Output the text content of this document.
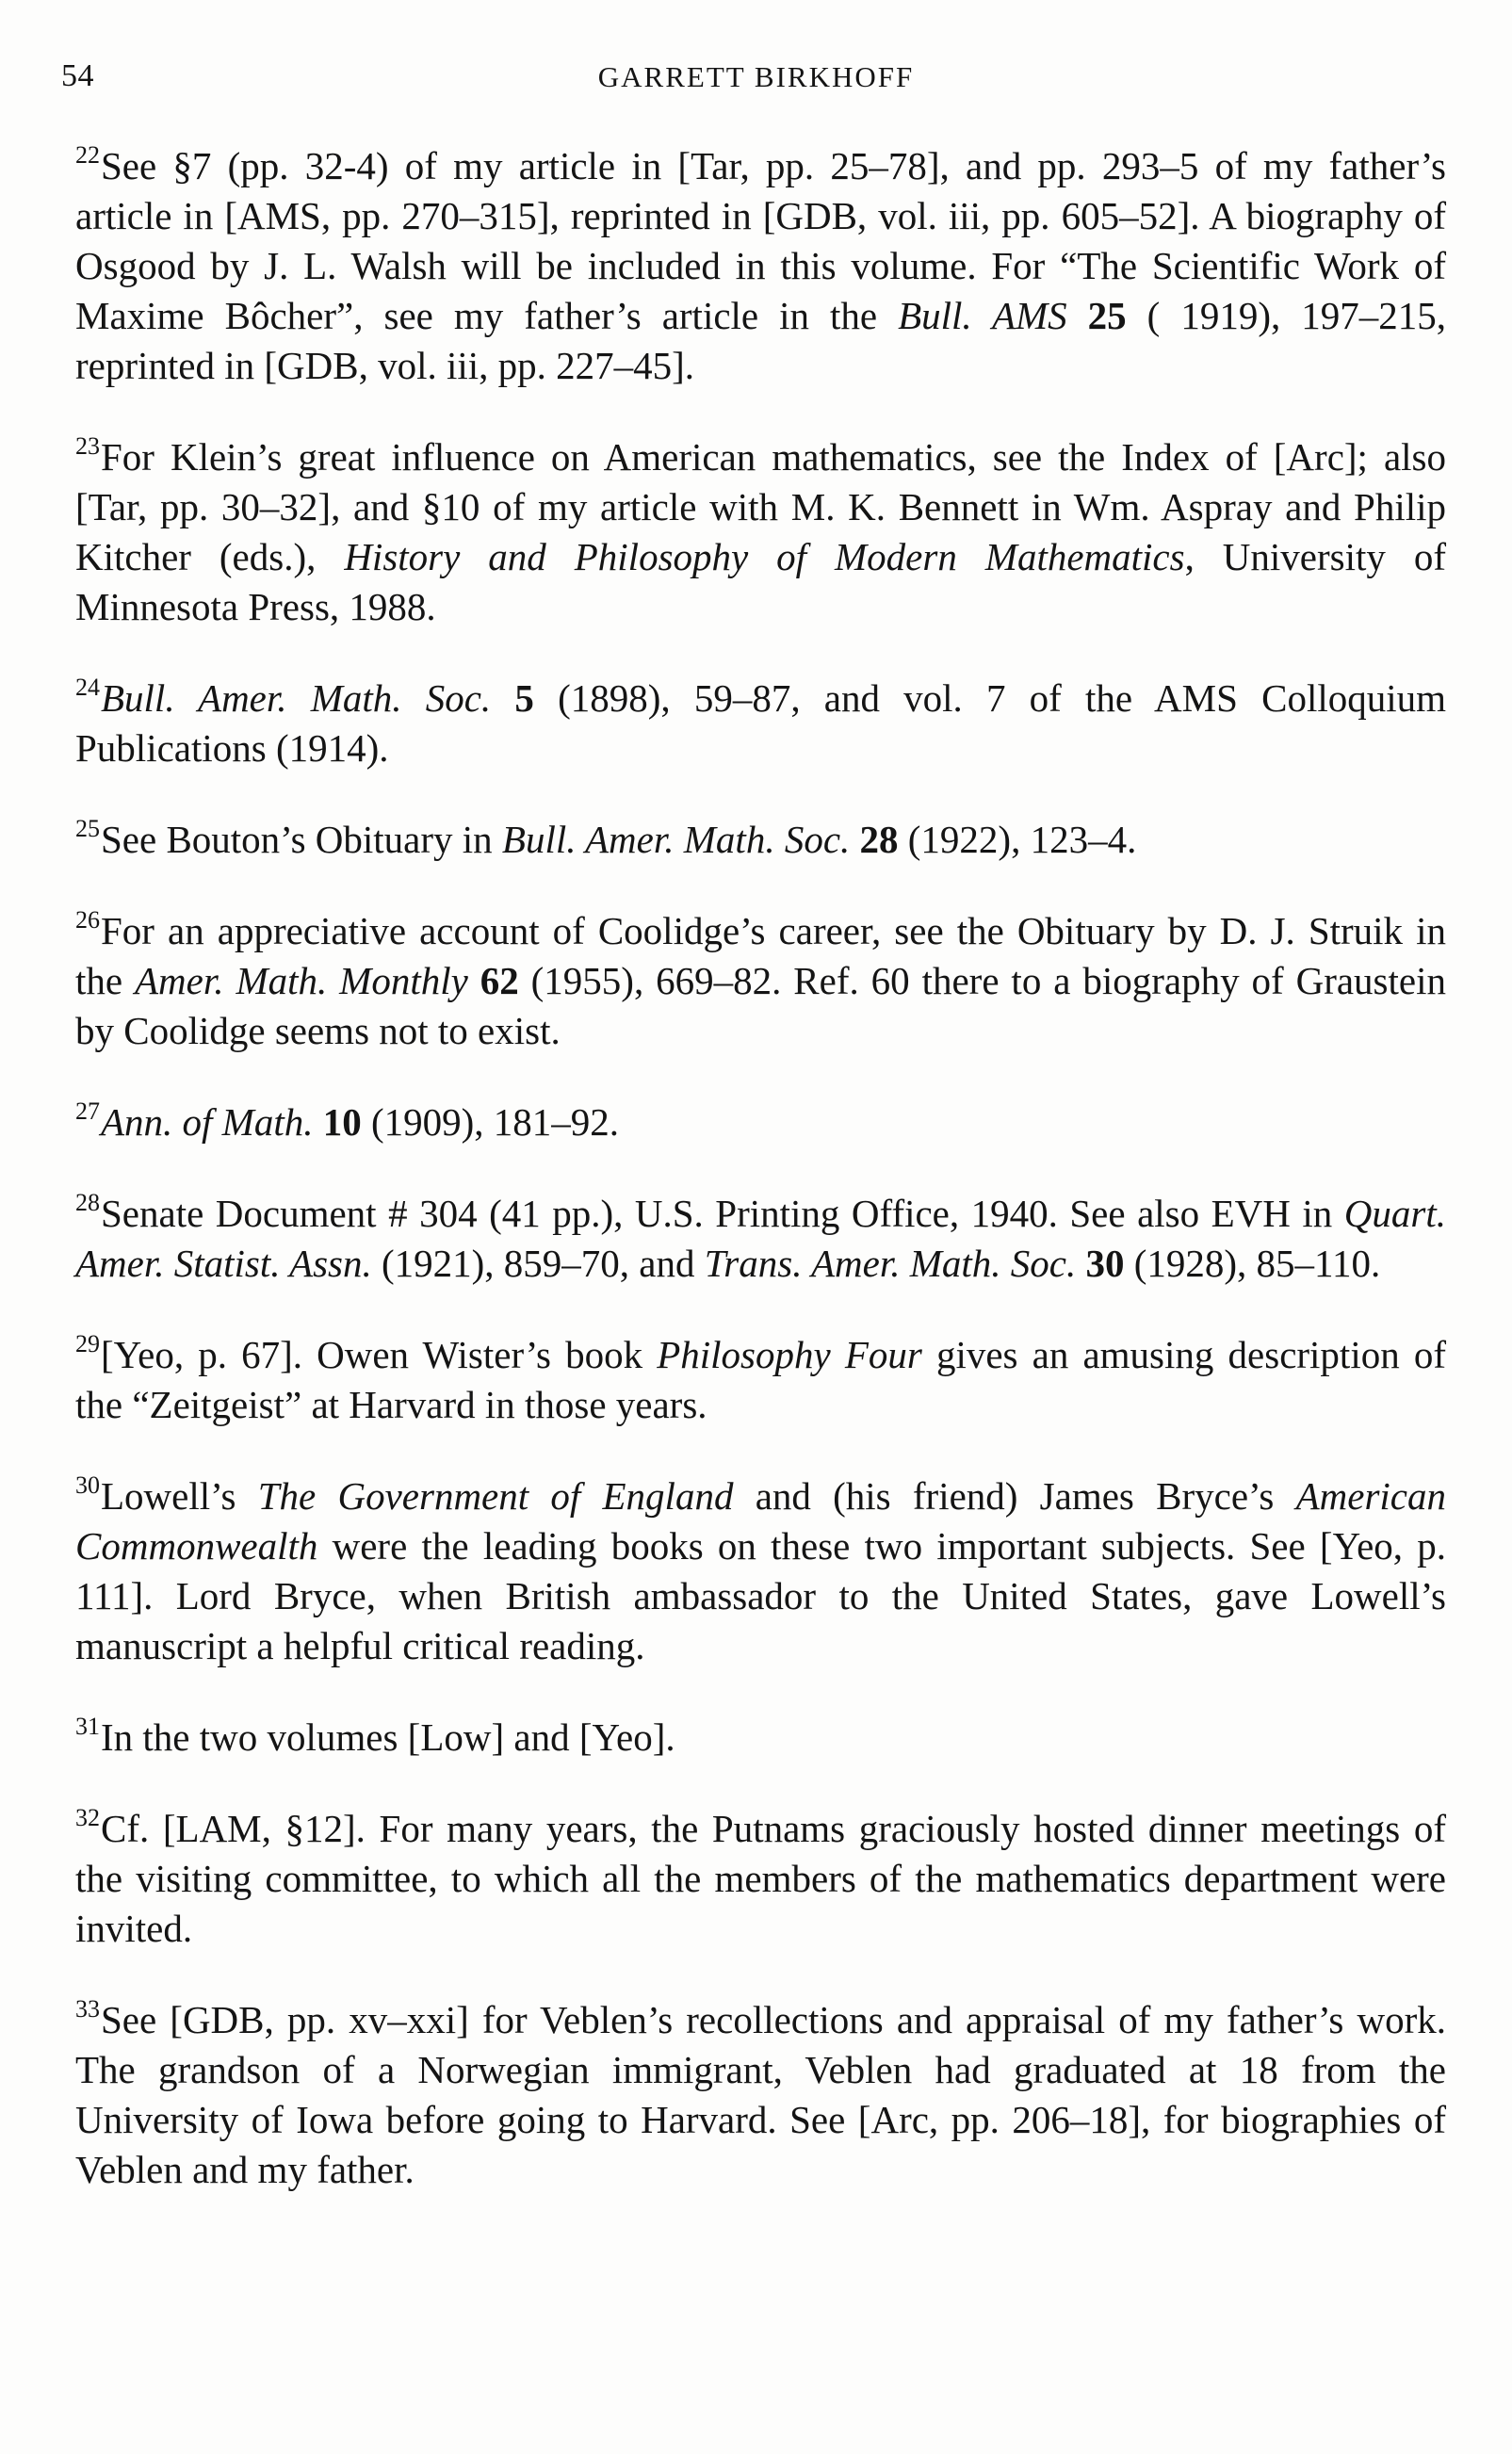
54	GARRETT BIRKHOFF

$^{22}$See §7 (pp. 32-4) of my article in [Tar, pp. 25–78], and pp. 293–5 of my father’s article in [AMS, pp. 270–315], reprinted in [GDB, vol. iii, pp. 605–52]. A biography of Osgood by J. L. Walsh will be included in this volume. For “The Scientific Work of Maxime Bôcher”, see my father’s article in the Bull. AMS 25 ( 1919), 197–215, reprinted in [GDB, vol. iii, pp. 227–45].

$^{23}$For Klein’s great influence on American mathematics, see the Index of [Arc]; also [Tar, pp. 30–32], and §10 of my article with M. K. Bennett in Wm. Aspray and Philip Kitcher (eds.), History and Philosophy of Modern Mathematics, University of Minnesota Press, 1988.

$^{24}$Bull. Amer. Math. Soc. 5 (1898), 59–87, and vol. 7 of the AMS Colloquium Publications (1914).

$^{25}$See Bouton’s Obituary in Bull. Amer. Math. Soc. 28 (1922), 123–4.

$^{26}$For an appreciative account of Coolidge’s career, see the Obituary by D. J. Struik in the Amer. Math. Monthly 62 (1955), 669–82. Ref. 60 there to a biography of Graustein by Coolidge seems not to exist.

$^{27}$Ann. of Math. 10 (1909), 181–92.

$^{28}$Senate Document # 304 (41 pp.), U.S. Printing Office, 1940. See also EVH in Quart. Amer. Statist. Assn. (1921), 859–70, and Trans. Amer. Math. Soc. 30 (1928), 85–110.

$^{29}$[Yeo, p. 67]. Owen Wister’s book Philosophy Four gives an amusing description of the “Zeitgeist” at Harvard in those years.

$^{30}$Lowell’s The Government of England and (his friend) James Bryce’s American Commonwealth were the leading books on these two important subjects. See [Yeo, p. 111]. Lord Bryce, when British ambassador to the United States, gave Lowell’s manuscript a helpful critical reading.

$^{31}$In the two volumes [Low] and [Yeo].

$^{32}$Cf. [LAM, §12]. For many years, the Putnams graciously hosted dinner meetings of the visiting committee, to which all the members of the mathematics department were invited.

$^{33}$See [GDB, pp. xv–xxi] for Veblen’s recollections and appraisal of my father’s work. The grandson of a Norwegian immigrant, Veblen had graduated at 18 from the University of Iowa before going to Harvard. See [Arc, pp. 206–18], for biographies of Veblen and my father.
